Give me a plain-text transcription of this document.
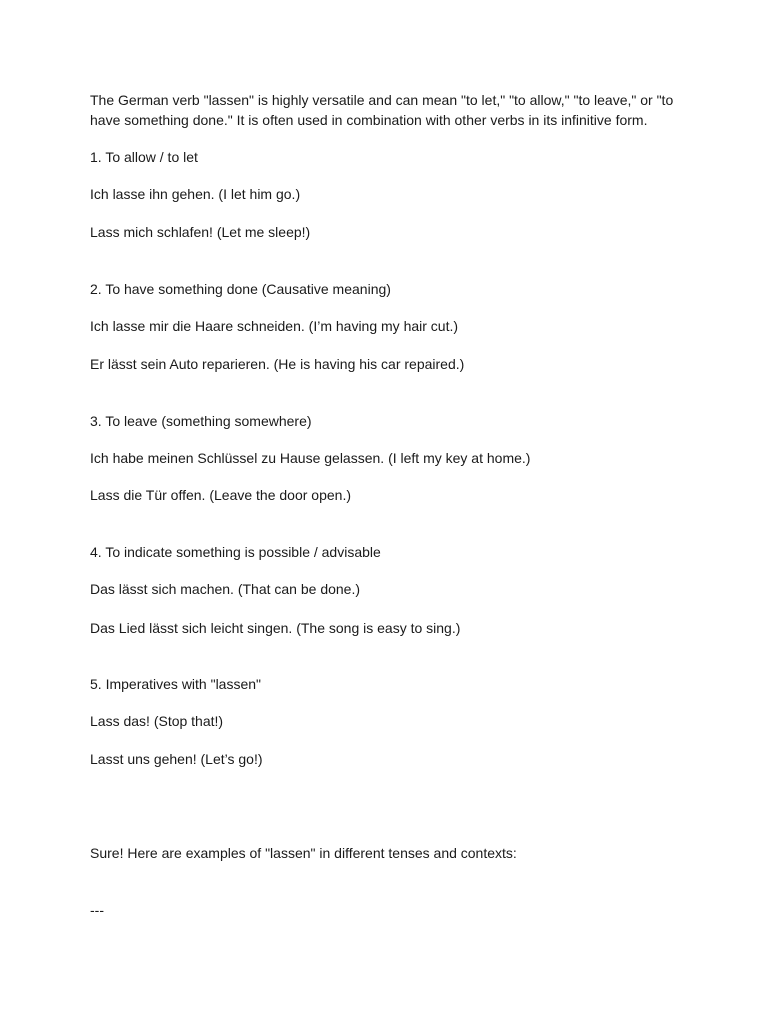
The German verb "lassen" is highly versatile and can mean "to let," "to allow," "to leave," or "to have something done." It is often used in combination with other verbs in its infinitive form.
1. To allow / to let
Ich lasse ihn gehen. (I let him go.)
Lass mich schlafen! (Let me sleep!)
2. To have something done (Causative meaning)
Ich lasse mir die Haare schneiden. (I’m having my hair cut.)
Er lässt sein Auto reparieren. (He is having his car repaired.)
3. To leave (something somewhere)
Ich habe meinen Schlüssel zu Hause gelassen. (I left my key at home.)
Lass die Tür offen. (Leave the door open.)
4. To indicate something is possible / advisable
Das lässt sich machen. (That can be done.)
Das Lied lässt sich leicht singen. (The song is easy to sing.)
5. Imperatives with "lassen"
Lass das! (Stop that!)
Lasst uns gehen! (Let’s go!)
Sure! Here are examples of "lassen" in different tenses and contexts:
---
